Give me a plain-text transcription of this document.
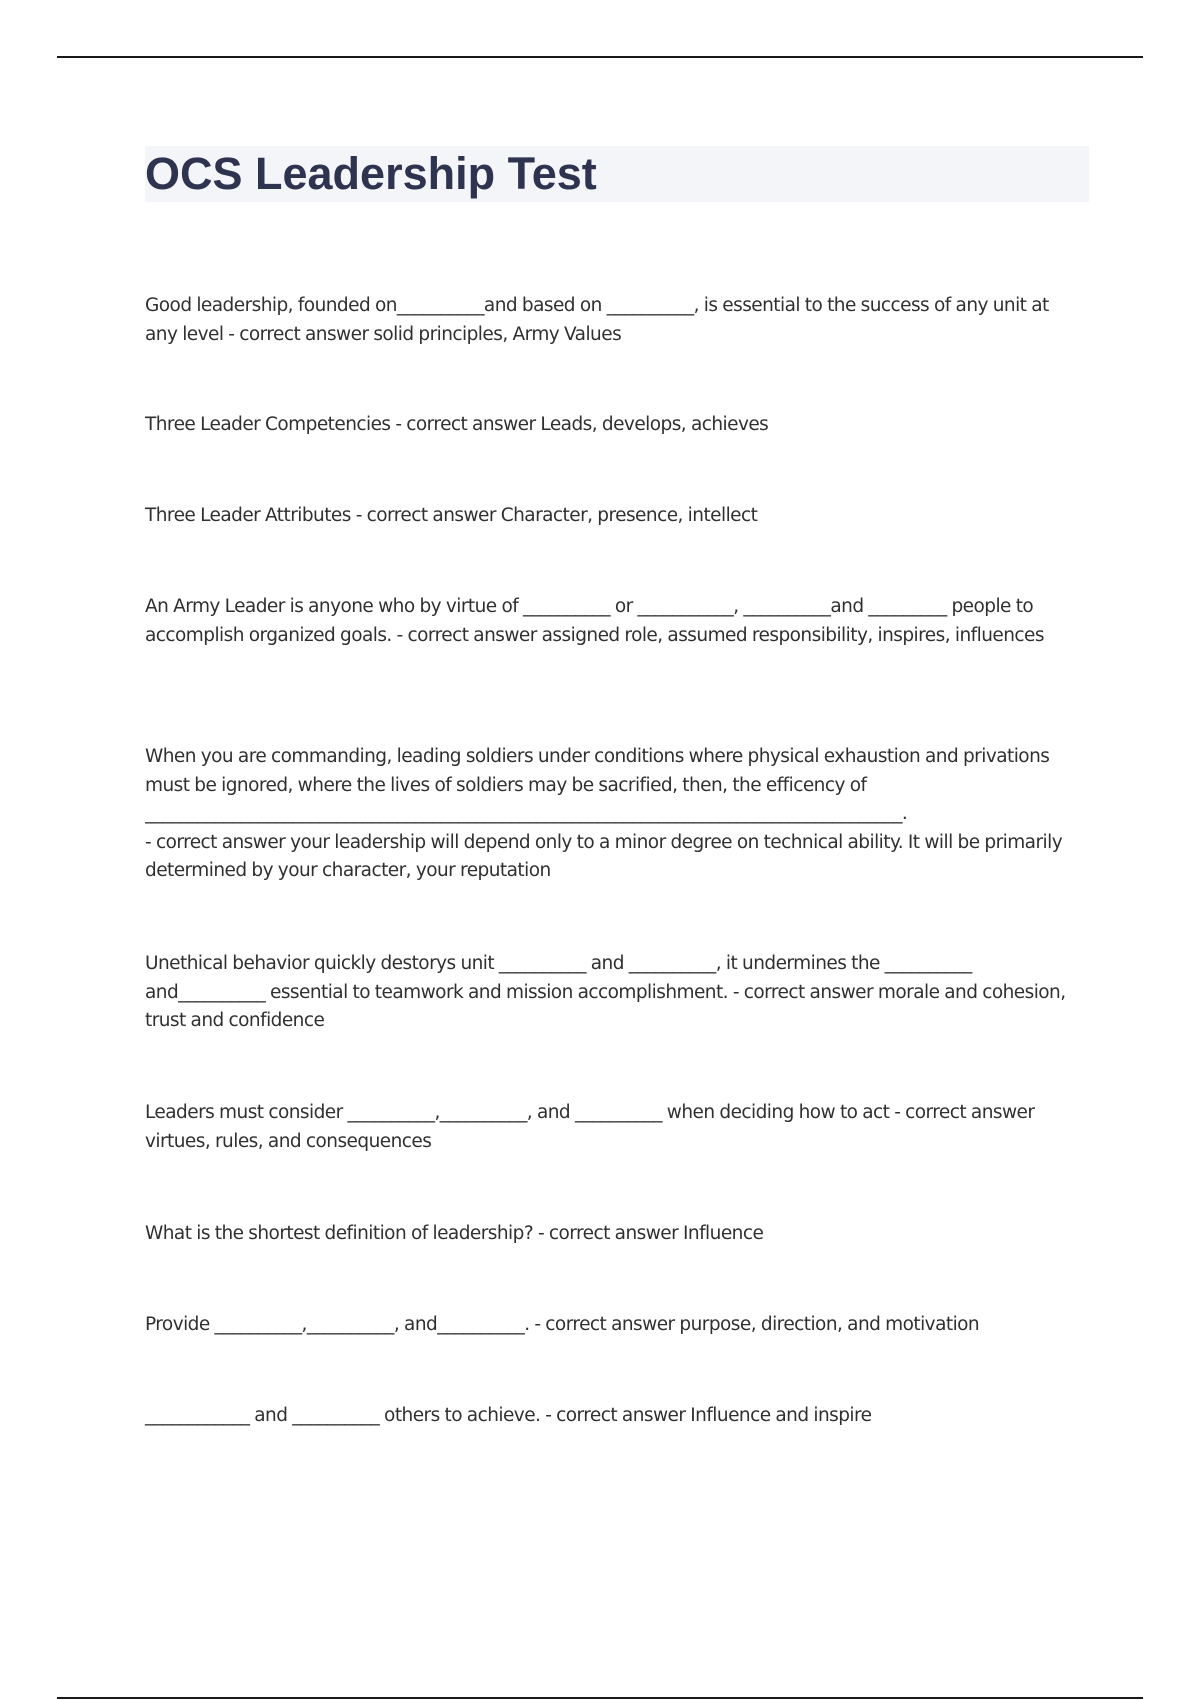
OCS Leadership Test

Good leadership, founded on__________and based on __________, is essential to the success of any unit at any level - correct answer solid principles, Army Values

Three Leader Competencies - correct answer Leads, develops, achieves

Three Leader Attributes - correct answer Character, presence, intellect

An Army Leader is anyone who by virtue of __________ or ___________, __________and _________ people to accomplish organized goals. - correct answer assigned role, assumed responsibility, inspires, influences

When you are commanding, leading soldiers under conditions where physical exhaustion and privations must be ignored, where the lives of soldiers may be sacrified, then, the efficency of
_______________________________________________________________________________________.
- correct answer your leadership will depend only to a minor degree on technical ability. It will be primarily determined by your character, your reputation

Unethical behavior quickly destorys unit __________ and __________, it undermines the __________ and__________ essential to teamwork and mission accomplishment. - correct answer morale and cohesion, trust and confidence

Leaders must consider __________,__________, and __________ when deciding how to act - correct answer virtues, rules, and consequences

What is the shortest definition of leadership? - correct answer Influence

Provide __________,__________, and__________. - correct answer purpose, direction, and motivation

____________ and __________ others to achieve. - correct answer Influence and inspire
